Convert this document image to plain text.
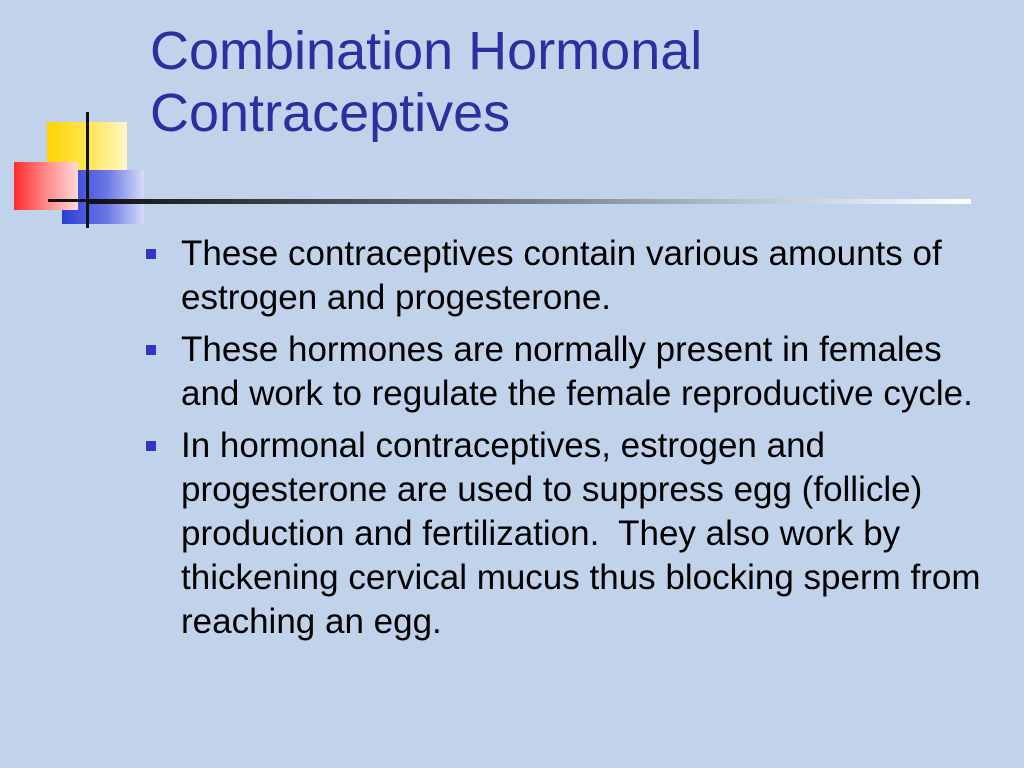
Combination Hormonal
Contraceptives
These contraceptives contain various amounts of estrogen and progesterone.
These hormones are normally present in females and work to regulate the female reproductive cycle.
In hormonal contraceptives, estrogen and progesterone are used to suppress egg (follicle) production and fertilization.  They also work by thickening cervical mucus thus blocking sperm from reaching an egg.
